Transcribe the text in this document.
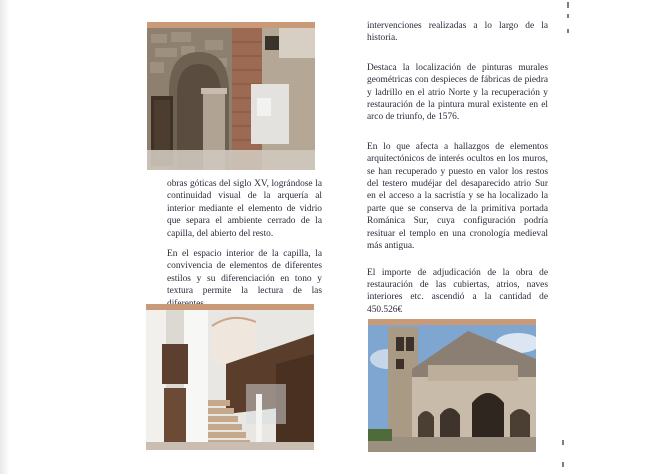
obras góticas del siglo XV, lográndose la continuidad visual de la arquería al interior mediante el elemento de vidrio que separa el ambiente cerrado de la capilla, del abierto del resto.

En el espacio interior de la capilla, la convivencia de elementos de diferentes estilos y su diferenciación en tono y textura permite la lectura de las

intervenciones realizadas a lo largo de la historia.

Destaca la localización de pinturas murales geométricas con despieces de fábricas de piedra y ladrillo en el atrio Norte y la recuperación y restauración de la pintura mural existente en el arco de triunfo, de 1576.

En lo que afecta a hallazgos de elementos arquitectónicos de interés ocultos en los muros, se han recuperado y puesto en valor los restos del testero mudéjar del desaparecido atrio Sur en el acceso a la sacristía y se ha localizado la parte que se conserva de la primitiva portada Románica Sur, cuya configuración podría resituar el templo en una cronología medieval más antigua.

El importe de adjudicación de la obra de restauración de las cubiertas, atrios, naves interiores etc. ascendió a la cantidad de 450.526€
